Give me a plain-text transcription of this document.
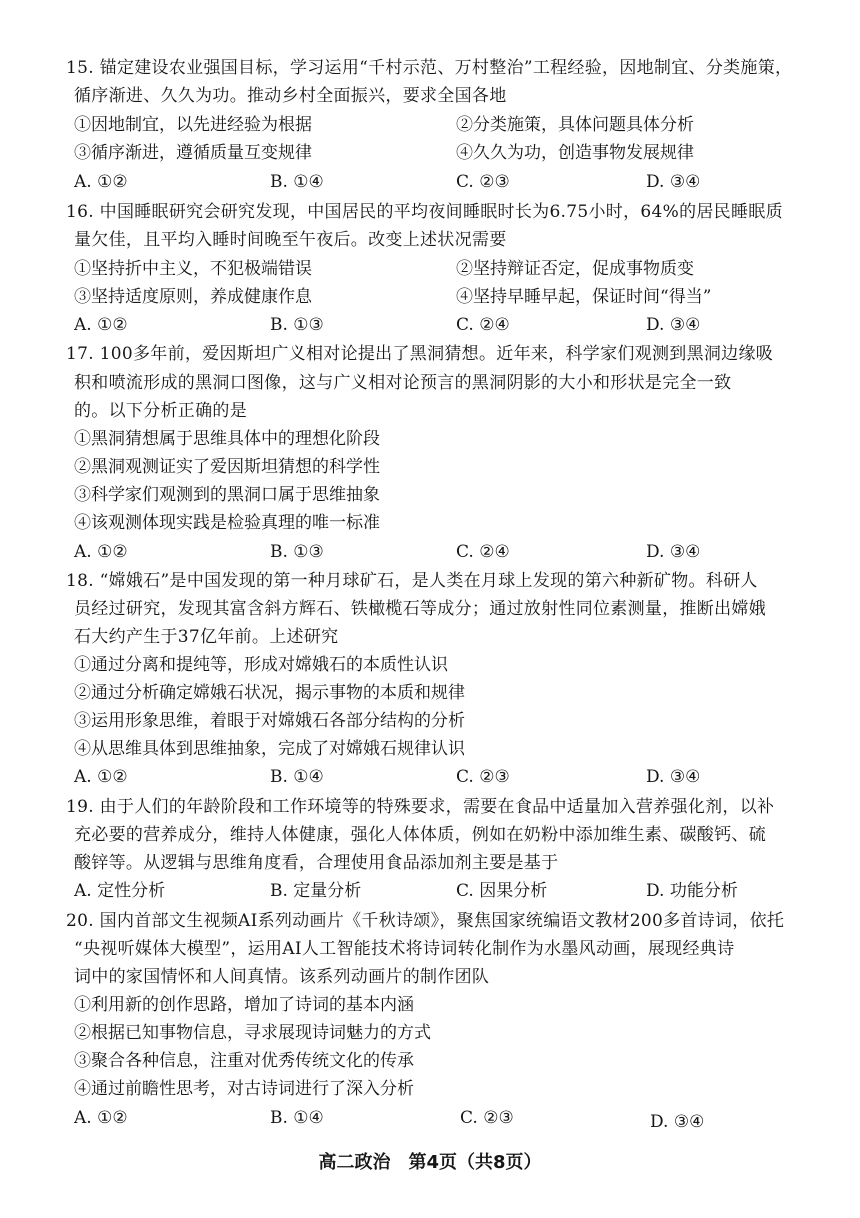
15. 锚定建设农业强国目标，学习运用“千村示范、万村整治”工程经验，因地制宜、分类施策，
循序渐进、久久为功。推动乡村全面振兴，要求全国各地
①因地制宜，以先进经验为根据	②分类施策，具体问题具体分析
③循序渐进，遵循质量互变规律	④久久为功，创造事物发展规律
A. ①②	B. ①④	C. ②③	D. ③④
16. 中国睡眠研究会研究发现，中国居民的平均夜间睡眠时长为6.75小时，64%的居民睡眠质
量欠佳，且平均入睡时间晚至午夜后。改变上述状况需要
①坚持折中主义，不犯极端错误	②坚持辩证否定，促成事物质变
③坚持适度原则，养成健康作息	④坚持早睡早起，保证时间“得当”
A. ①②	B. ①③	C. ②④	D. ③④
17. 100多年前，爱因斯坦广义相对论提出了黑洞猜想。近年来，科学家们观测到黑洞边缘吸
积和喷流形成的黑洞口图像，这与广义相对论预言的黑洞阴影的大小和形状是完全一致
的。以下分析正确的是
①黑洞猜想属于思维具体中的理想化阶段
②黑洞观测证实了爱因斯坦猜想的科学性
③科学家们观测到的黑洞口属于思维抽象
④该观测体现实践是检验真理的唯一标准
A. ①②	B. ①③	C. ②④	D. ③④
18. “嫦娥石”是中国发现的第一种月球矿石，是人类在月球上发现的第六种新矿物。科研人
员经过研究，发现其富含斜方辉石、铁橄榄石等成分；通过放射性同位素测量，推断出嫦娥
石大约产生于37亿年前。上述研究
①通过分离和提纯等，形成对嫦娥石的本质性认识
②通过分析确定嫦娥石状况，揭示事物的本质和规律
③运用形象思维，着眼于对嫦娥石各部分结构的分析
④从思维具体到思维抽象，完成了对嫦娥石规律认识
A. ①②	B. ①④	C. ②③	D. ③④
19. 由于人们的年龄阶段和工作环境等的特殊要求，需要在食品中适量加入营养强化剂，以补
充必要的营养成分，维持人体健康，强化人体体质，例如在奶粉中添加维生素、碳酸钙、硫
酸锌等。从逻辑与思维角度看，合理使用食品添加剂主要是基于
A. 定性分析	B. 定量分析	C. 因果分析	D. 功能分析
20. 国内首部文生视频AI系列动画片《千秋诗颂》，聚焦国家统编语文教材200多首诗词，依托
“央视听媒体大模型”，运用AI人工智能技术将诗词转化制作为水墨风动画，展现经典诗
词中的家国情怀和人间真情。该系列动画片的制作团队
①利用新的创作思路，增加了诗词的基本内涵
②根据已知事物信息，寻求展现诗词魅力的方式
③聚合各种信息，注重对优秀传统文化的传承
④通过前瞻性思考，对古诗词进行了深入分析
A. ①②	B. ①④	C. ②③	D. ③④
高二政治　第4页（共8页）
